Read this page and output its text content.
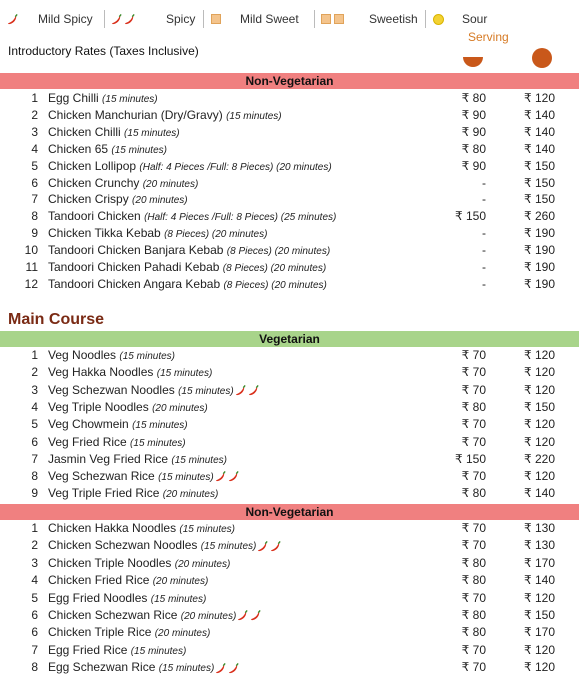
Mild Spicy	Spicy	Mild Sweet
	Sweetish	Sour
Introductory Rates (Taxes Inclusive)
Serving
Non-Vegetarian
1 Egg Chilli (15 minutes)	₹ 80	₹ 120
2 Chicken Manchurian (Dry/Gravy) (15 minutes)	₹ 90	₹ 140
3 Chicken Chilli (15 minutes)	₹ 90	₹ 140
4 Chicken 65 (15 minutes)	₹ 80	₹ 140
5 Chicken Lollipop (Half: 4 Pieces /Full: 8 Pieces) (20 minutes)	₹ 90	₹ 150
6 Chicken Crunchy (20 minutes)	-	₹ 150
7 Chicken Crispy (20 minutes)	-	₹ 150
8 Tandoori Chicken (Half: 4 Pieces /Full: 8 Pieces) (25 minutes)	₹ 150	₹ 260
9 Chicken Tikka Kebab (8 Pieces) (20 minutes)	-	₹ 190
10 Tandoori Chicken Banjara Kebab (8 Pieces) (20 minutes)	-	₹ 190
11 Tandoori Chicken Pahadi Kebab (8 Pieces) (20 minutes)	-	₹ 190
12 Tandoori Chicken Angara Kebab (8 Pieces) (20 minutes)	-	₹ 190
Main Course
Vegetarian
1 Veg Noodles (15 minutes)	₹ 70	₹ 120
2 Veg Hakka Noodles (15 minutes)	₹ 70	₹ 120
3 Veg Schezwan Noodles (15 minutes)	₹ 70	₹ 120
4 Veg Triple Noodles (20 minutes)	₹ 80	₹ 150
5 Veg Chowmein (15 minutes)	₹ 70	₹ 120
6 Veg Fried Rice (15 minutes)	₹ 70	₹ 120
7 Jasmin Veg Fried Rice (15 minutes)	₹ 150	₹ 220
8 Veg Schezwan Rice (15 minutes)	₹ 70	₹ 120
9 Veg Triple Fried Rice (20 minutes)	₹ 80	₹ 140
Non-Vegetarian
1 Chicken Hakka Noodles (15 minutes)	₹ 70	₹ 130
2 Chicken Schezwan Noodles (15 minutes)	₹ 70	₹ 130
3 Chicken Triple Noodles (20 minutes)	₹ 80	₹ 170
4 Chicken Fried Rice (20 minutes)	₹ 80	₹ 140
5 Egg Fried Noodles (15 minutes)	₹ 70	₹ 120
6 Chicken Schezwan Rice (20 minutes)	₹ 80	₹ 150
6 Chicken Triple Rice (20 minutes)	₹ 80	₹ 170
7 Egg Fried Rice (15 minutes)	₹ 70	₹ 120
8 Egg Schezwan Rice (15 minutes)	₹ 70	₹ 120
